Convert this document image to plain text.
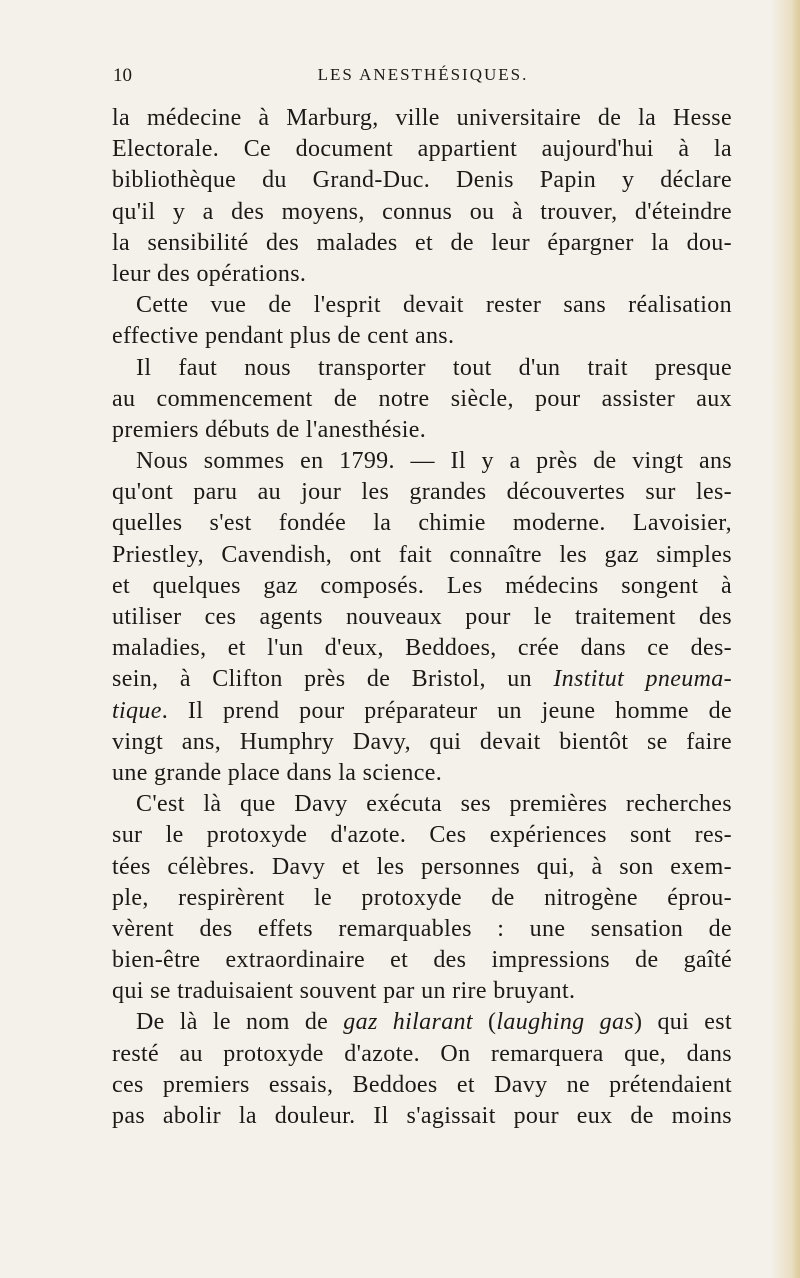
10	LES ANESTHÉSIQUES.
la médecine à Marburg, ville universitaire de la Hesse
Electorale. Ce document appartient aujourd'hui à la
bibliothèque du Grand-Duc. Denis Papin y déclare
qu'il y a des moyens, connus ou à trouver, d'éteindre
la sensibilité des malades et de leur épargner la dou-
leur des opérations.
Cette vue de l'esprit devait rester sans réalisation
effective pendant plus de cent ans.
Il faut nous transporter tout d'un trait presque
au commencement de notre siècle, pour assister aux
premiers débuts de l'anesthésie.
Nous sommes en 1799. — Il y a près de vingt ans
qu'ont paru au jour les grandes découvertes sur les-
quelles s'est fondée la chimie moderne. Lavoisier,
Priestley, Cavendish, ont fait connaître les gaz simples
et quelques gaz composés. Les médecins songent à
utiliser ces agents nouveaux pour le traitement des
maladies, et l'un d'eux, Beddoes, crée dans ce des-
sein, à Clifton près de Bristol, un Institut pneuma-
tique. Il prend pour préparateur un jeune homme de
vingt ans, Humphry Davy, qui devait bientôt se faire
une grande place dans la science.
C'est là que Davy exécuta ses premières recherches
sur le protoxyde d'azote. Ces expériences sont res-
tées célèbres. Davy et les personnes qui, à son exem-
ple, respirèrent le protoxyde de nitrogène éprou-
vèrent des effets remarquables : une sensation de
bien-être extraordinaire et des impressions de gaîté
qui se traduisaient souvent par un rire bruyant.
De là le nom de gaz hilarant (laughing gas) qui est
resté au protoxyde d'azote. On remarquera que, dans
ces premiers essais, Beddoes et Davy ne prétendaient
pas abolir la douleur. Il s'agissait pour eux de moins
